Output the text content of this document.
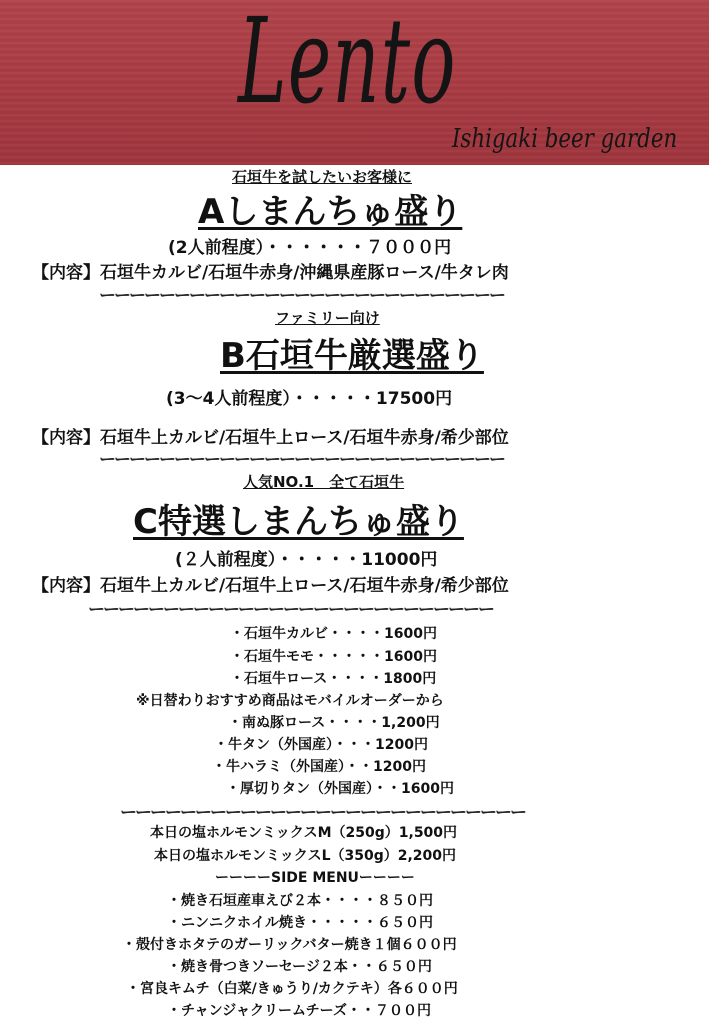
Lento
Ishigaki beer garden
石垣牛を試したいお客様に
Aしまんちゅ盛り
(2人前程度）・・・・・・７０００円
【内容】石垣牛カルビ/石垣牛赤身/沖縄県産豚ロース/牛タレ肉
ーーーーーーーーーーーーーーーーーーーーーーーーーーー
ファミリー向け
B石垣牛厳選盛り
(3～4人前程度）・・・・・17500円
【内容】石垣牛上カルビ/石垣牛上ロース/石垣牛赤身/希少部位
ーーーーーーーーーーーーーーーーーーーーーーーーーーー
人気NO.1　全て石垣牛
C特選しまんちゅ盛り
(２人前程度）・・・・・11000円
【内容】石垣牛上カルビ/石垣牛上ロース/石垣牛赤身/希少部位
ーーーーーーーーーーーーーーーーーーーーーーーーーーー
・石垣牛カルビ・・・・1600円
・石垣牛モモ・・・・・1600円
・石垣牛ロース・・・・1800円
※日替わりおすすめ商品はモバイルオーダーから
・南ぬ豚ロース・・・・1,200円
・牛タン（外国産）・・・1200円
・牛ハラミ（外国産）・・1200円
・厚切りタン（外国産）・・1600円
ーーーーーーーーーーーーーーーーーーーーーーーーーーー
本日の塩ホルモンミックスM（250g）1,500円
本日の塩ホルモンミックスL（350g）2,200円
ーーーーSIDE MENUーーーー
・焼き石垣産車えび２本・・・・８５０円
・ニンニクホイル焼き・・・・・６５０円
・殻付きホタテのガーリックバター焼き１個６００円
・焼き骨つきソーセージ２本・・６５０円
・宮良キムチ（白菜/きゅうり/カクテキ）各６００円
・チャンジャクリームチーズ・・７００円
